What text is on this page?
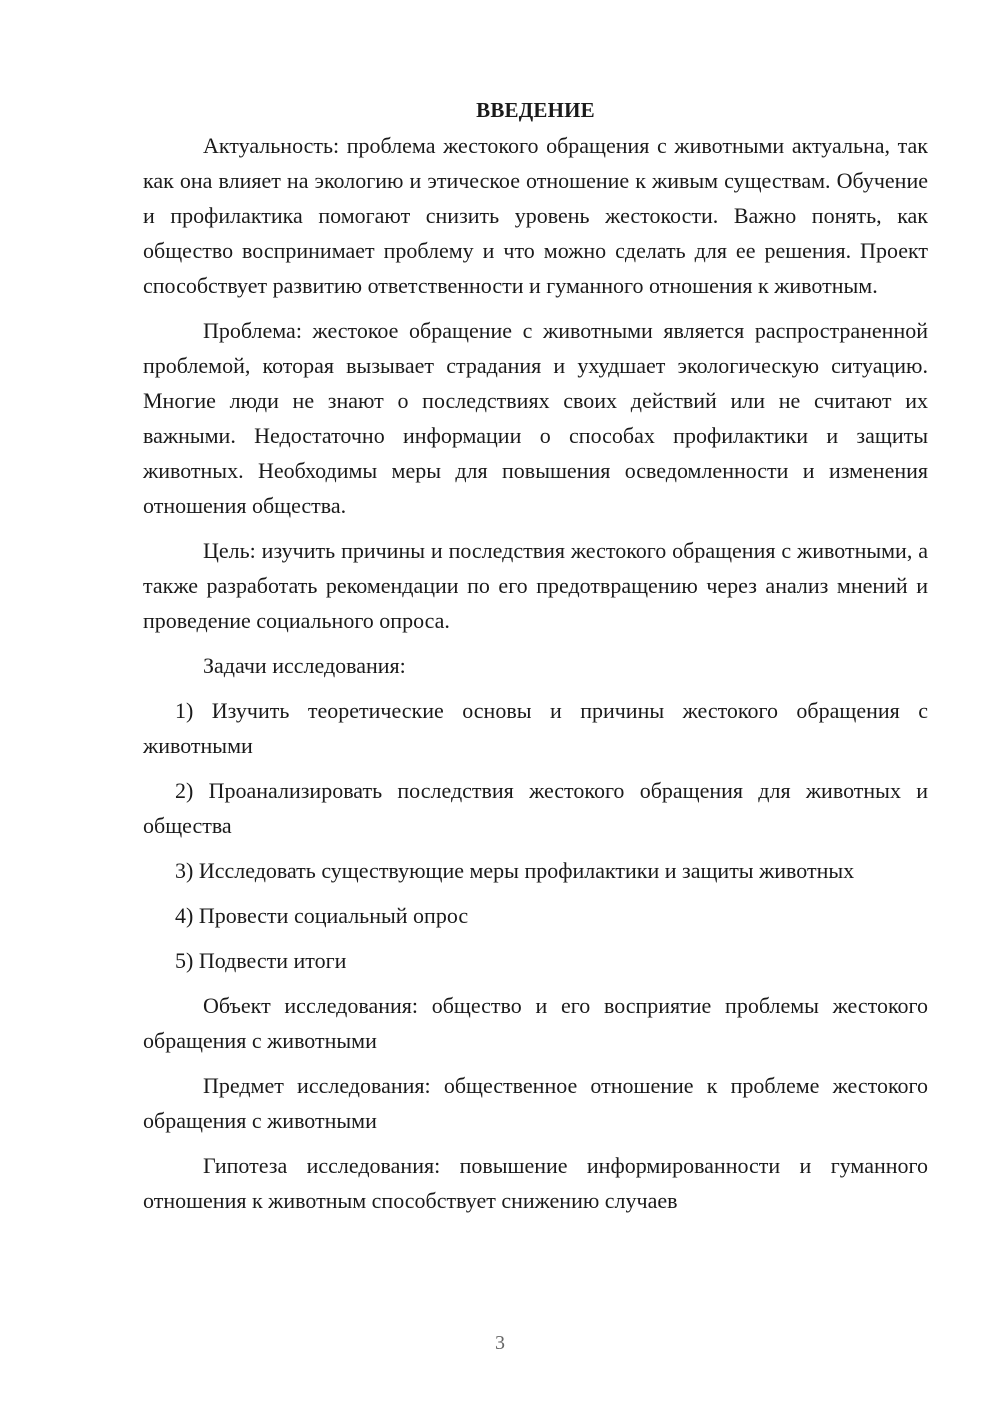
ВВЕДЕНИЕ

Актуальность: проблема жестокого обращения с животными актуальна, так как она влияет на экологию и этическое отношение к живым существам. Обучение и профилактика помогают снизить уровень жестокости. Важно понять, как общество воспринимает проблему и что можно сделать для ее решения. Проект способствует развитию ответственности и гуманного отношения к животным.

Проблема: жестокое обращение с животными является распространенной проблемой, которая вызывает страдания и ухудшает экологическую ситуацию. Многие люди не знают о последствиях своих действий или не считают их важными. Недостаточно информации о способах профилактики и защиты животных. Необходимы меры для повышения осведомленности и изменения отношения общества.

Цель: изучить причины и последствия жестокого обращения с животными, а также разработать рекомендации по его предотвращению через анализ мнений и проведение социального опроса.

Задачи исследования:

1) Изучить теоретические основы и причины жестокого обращения с животными

2) Проанализировать последствия жестокого обращения для животных и общества

3) Исследовать существующие меры профилактики и защиты животных

4) Провести социальный опрос

5) Подвести итоги

Объект исследования: общество и его восприятие проблемы жестокого обращения с животными

Предмет исследования: общественное отношение к проблеме жестокого обращения с животными

Гипотеза исследования: повышение информированности и гуманного отношения к животным способствует снижению случаев

3
